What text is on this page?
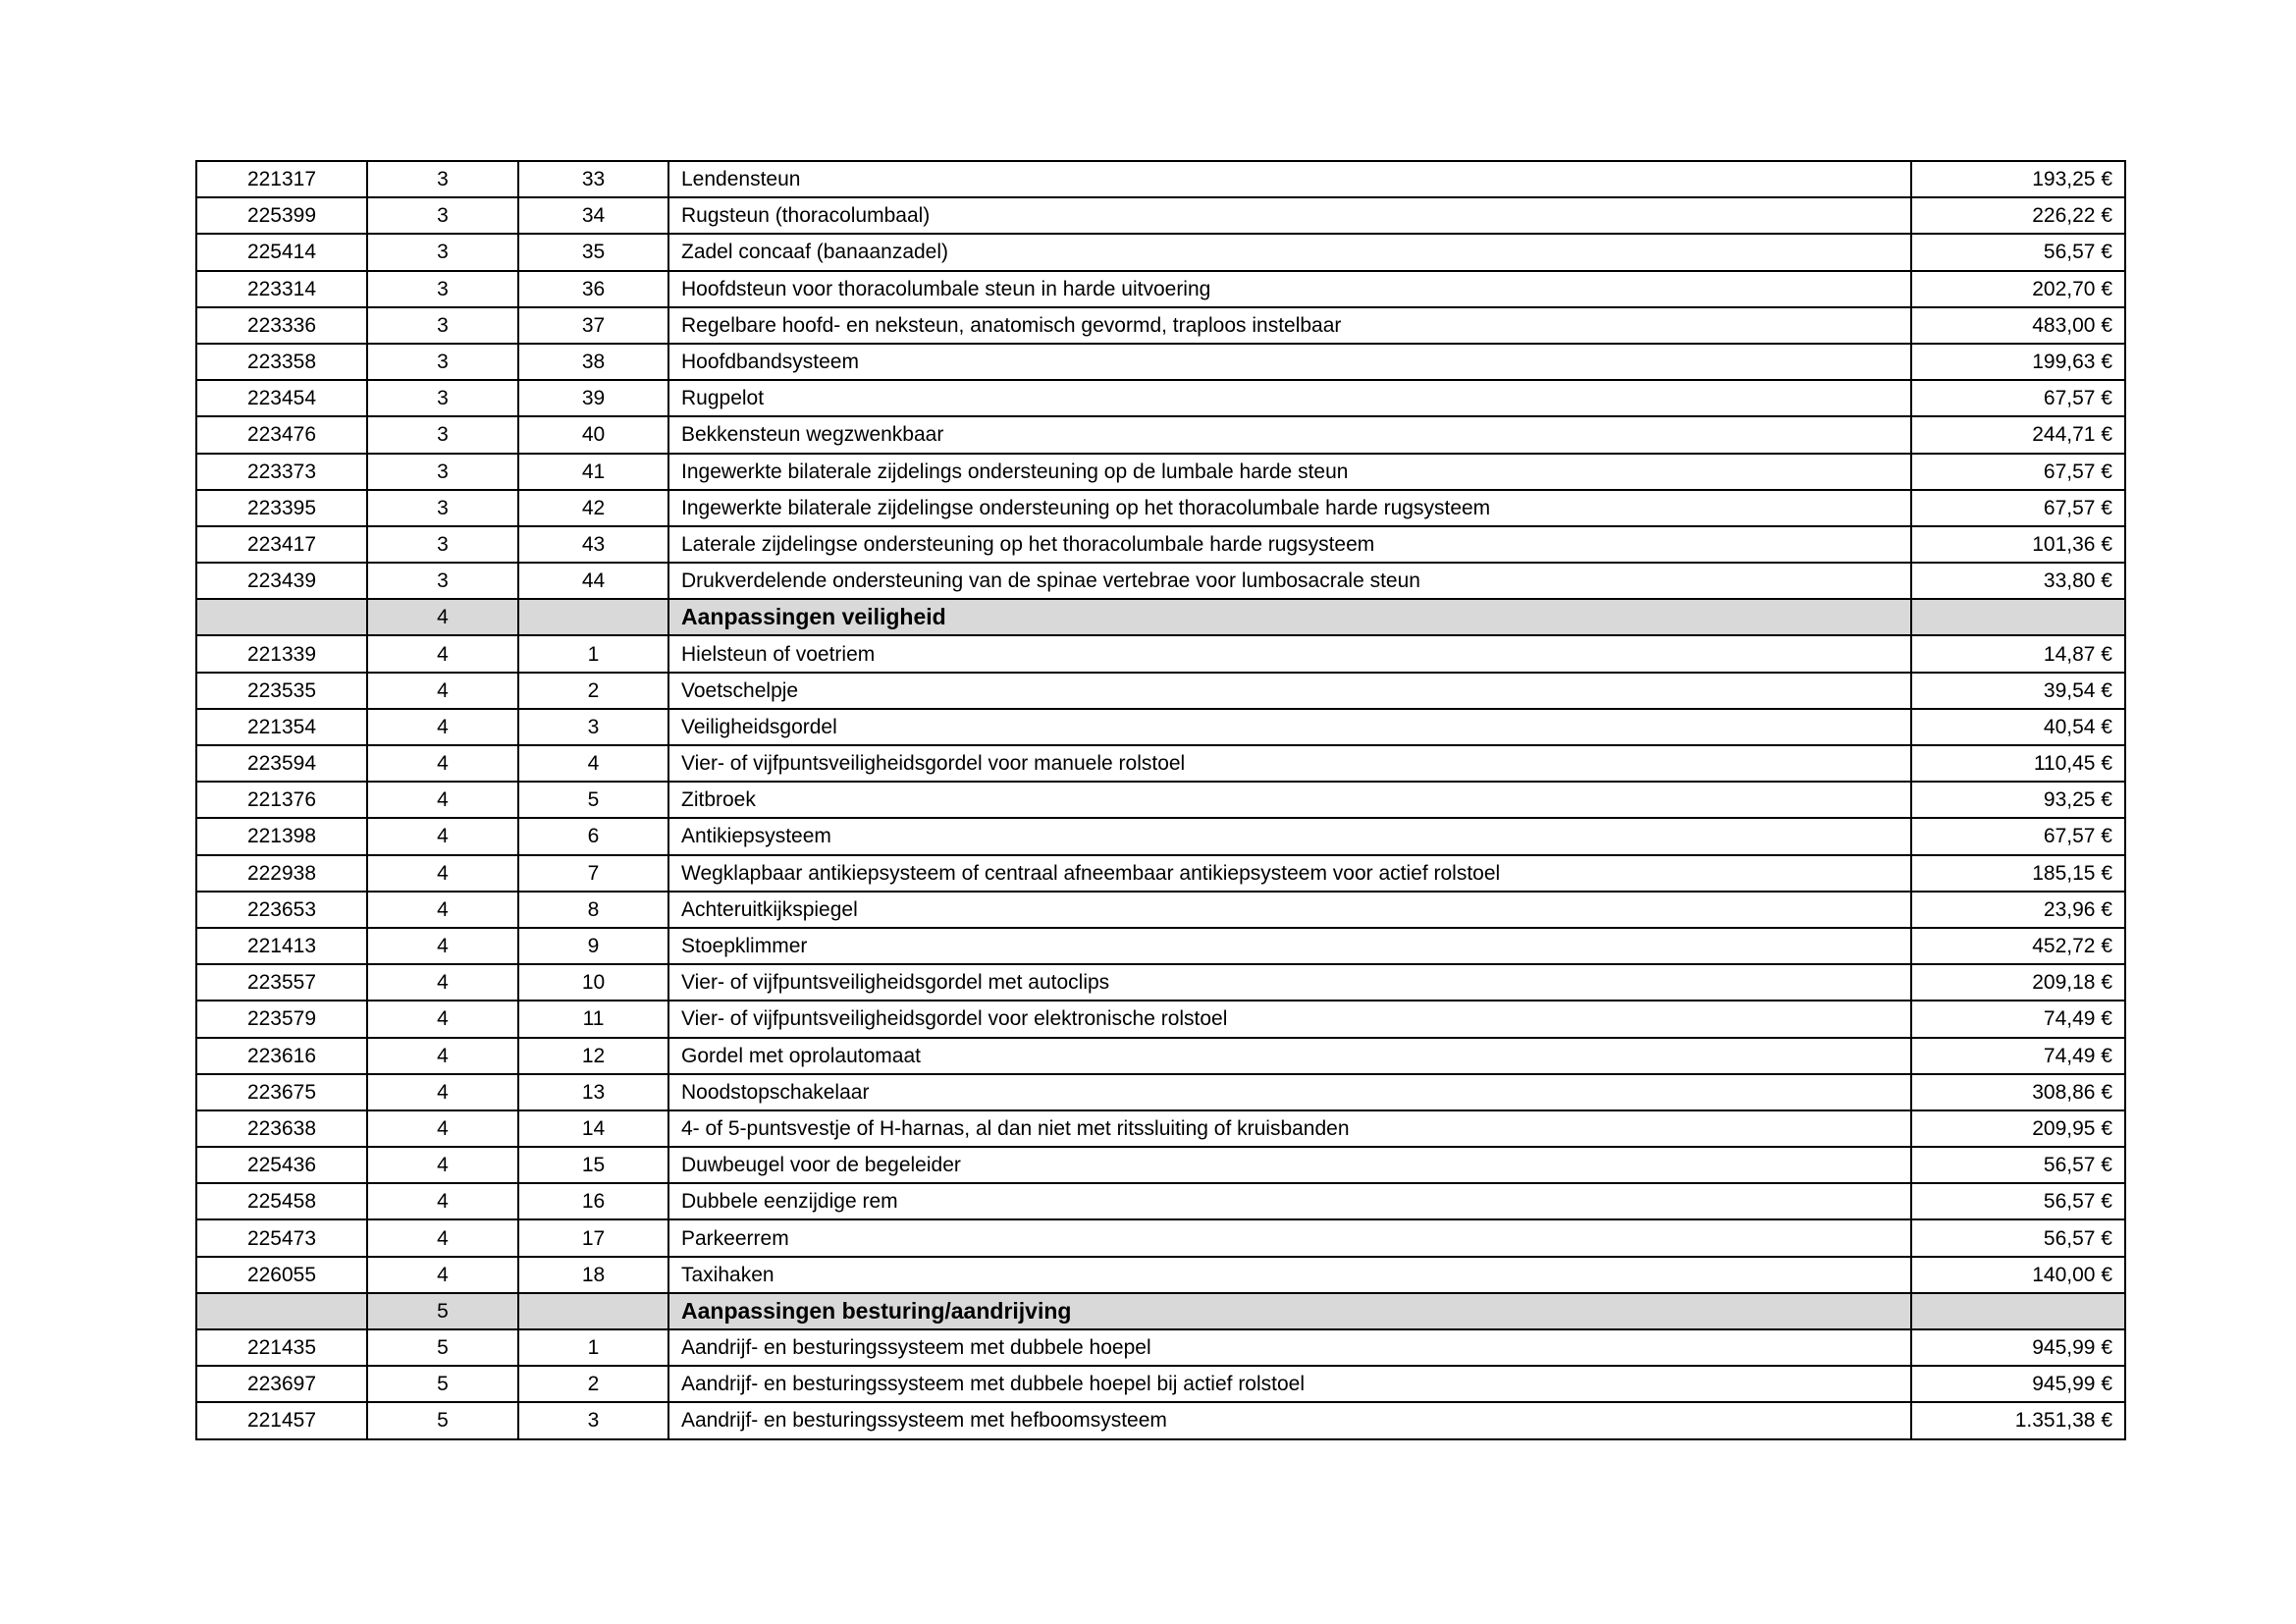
221317	3	33	Lendensteun	193,25 €
225399	3	34	Rugsteun (thoracolumbaal)	226,22 €
225414	3	35	Zadel concaaf (banaanzadel)	56,57 €
223314	3	36	Hoofdsteun voor thoracolumbale steun in harde uitvoering	202,70 €
223336	3	37	Regelbare hoofd- en neksteun, anatomisch gevormd, traploos instelbaar	483,00 €
223358	3	38	Hoofdbandsysteem	199,63 €
223454	3	39	Rugpelot	67,57 €
223476	3	40	Bekkensteun wegzwenkbaar	244,71 €
223373	3	41	Ingewerkte bilaterale zijdelings ondersteuning op de lumbale harde steun	67,57 €
223395	3	42	Ingewerkte bilaterale zijdelingse ondersteuning op het thoracolumbale harde rugsysteem	67,57 €
223417	3	43	Laterale zijdelingse ondersteuning op het thoracolumbale harde rugsysteem	101,36 €
223439	3	44	Drukverdelende ondersteuning van de spinae vertebrae voor lumbosacrale steun	33,80 €
	4		Aanpassingen veiligheid	
221339	4	1	Hielsteun of voetriem	14,87 €
223535	4	2	Voetschelpje	39,54 €
221354	4	3	Veiligheidsgordel	40,54 €
223594	4	4	Vier- of vijfpuntsveiligheidsgordel voor manuele rolstoel	110,45 €
221376	4	5	Zitbroek	93,25 €
221398	4	6	Antikiepsysteem	67,57 €
222938	4	7	Wegklapbaar antikiepsysteem of centraal afneembaar antikiepsysteem voor actief rolstoel	185,15 €
223653	4	8	Achteruitkijkspiegel	23,96 €
221413	4	9	Stoepklimmer	452,72 €
223557	4	10	Vier- of vijfpuntsveiligheidsgordel met autoclips	209,18 €
223579	4	11	Vier- of vijfpuntsveiligheidsgordel voor elektronische rolstoel	74,49 €
223616	4	12	Gordel met oprolautomaat	74,49 €
223675	4	13	Noodstopschakelaar	308,86 €
223638	4	14	4- of 5-puntsvestje of H-harnas, al dan niet met ritssluiting of kruisbanden	209,95 €
225436	4	15	Duwbeugel voor de begeleider	56,57 €
225458	4	16	Dubbele eenzijdige rem	56,57 €
225473	4	17	Parkeerrem	56,57 €
226055	4	18	Taxihaken	140,00 €
	5		Aanpassingen besturing/aandrijving	
221435	5	1	Aandrijf- en besturingssysteem met dubbele hoepel	945,99 €
223697	5	2	Aandrijf- en besturingssysteem met dubbele hoepel bij actief rolstoel	945,99 €
221457	5	3	Aandrijf- en besturingssysteem met hefboomsysteem	1.351,38 €
